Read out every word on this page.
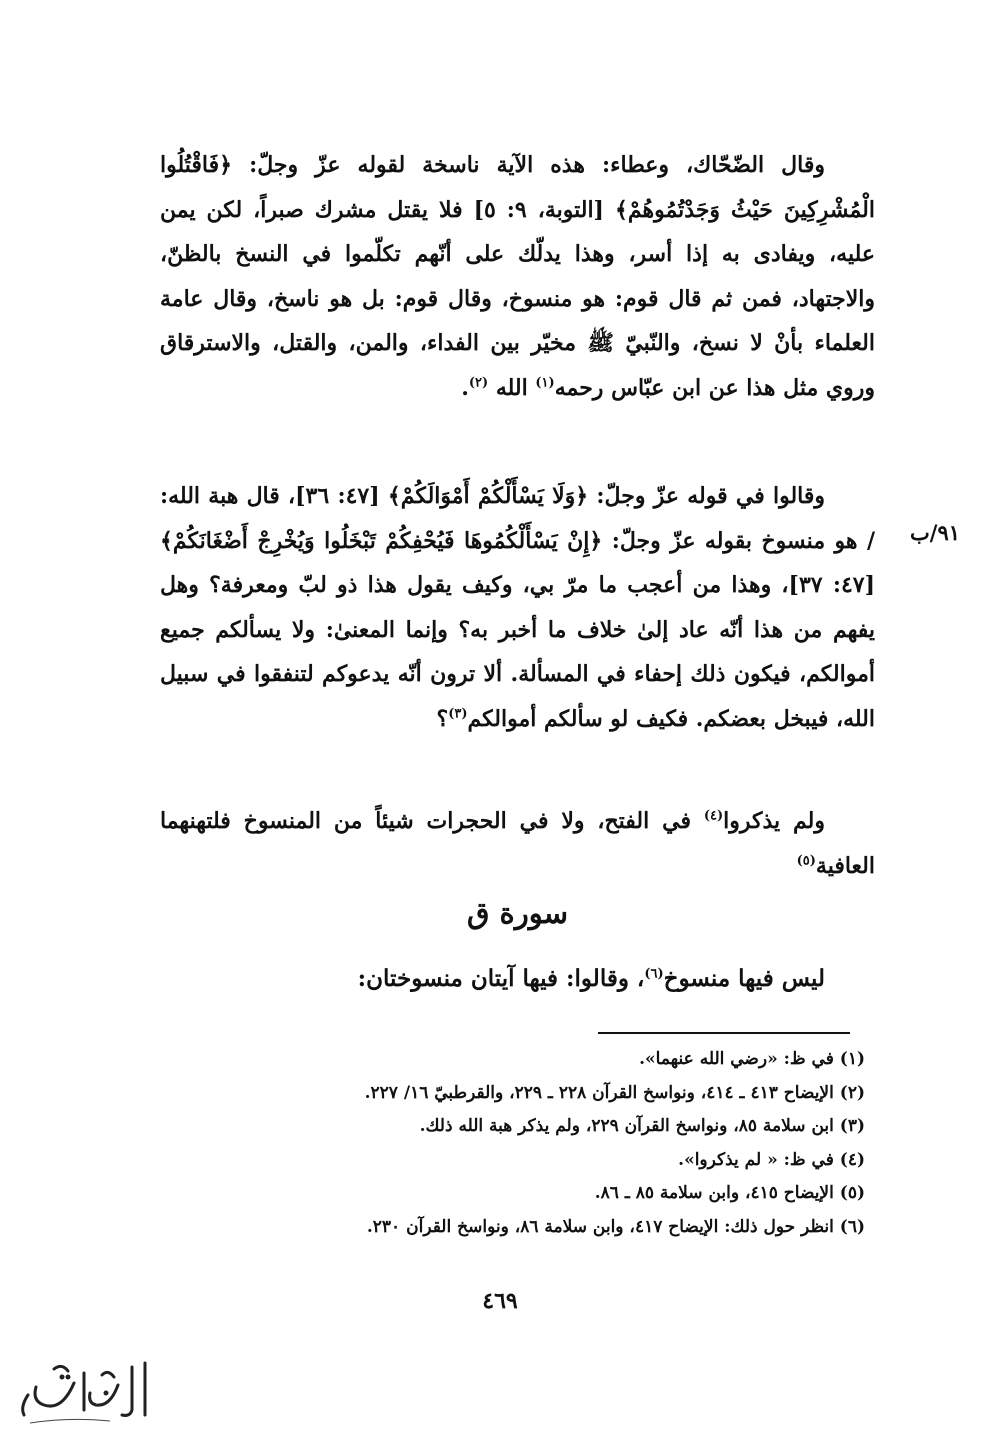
وقال الضّحّاك، وعطاء: هذه الآية ناسخة لقوله عزّ وجلّ: ﴿فَاقْتُلُوا الْمُشْرِكِينَ حَيْثُ وَجَدْتُمُوهُمْ﴾ [التوبة، ٩: ٥] فلا يقتل مشرك صبراً، لكن يمن عليه، ويفادى به إذا أسر، وهذا يدلّك على أنّهم تكلّموا في النسخ بالظنّ، والاجتهاد، فمن ثم قال قوم: هو منسوخ، وقال قوم: بل هو ناسخ، وقال عامة العلماء بأنْ لا نسخ، والنّبيّ ﷺ مخيّر بين الفداء، والمن، والقتل، والاسترقاق وروي مثل هذا عن ابن عبّاس رحمه$^{(١)}$ الله $^{(٢)}$.

٩١/ب

وقالوا في قوله عزّ وجلّ: ﴿وَلَا يَسْأَلْكُمْ أَمْوَالَكُمْ﴾ [٤٧: ٣٦]، قال هبة الله: / هو منسوخ بقوله عزّ وجلّ: ﴿إِنْ يَسْأَلْكُمُوهَا فَيُحْفِكُمْ تَبْخَلُوا وَيُخْرِجْ أَضْغَانَكُمْ﴾ [٤٧: ٣٧]، وهذا من أعجب ما مرّ بي، وكيف يقول هذا ذو لبّ ومعرفة؟ وهل يفهم من هذا أنّه عاد إلىٰ خلاف ما أخبر به؟ وإنما المعنىٰ: ولا يسألكم جميع أموالكم، فيكون ذلك إحفاء في المسألة. ألا ترون أنّه يدعوكم لتنفقوا في سبيل الله، فيبخل بعضكم. فكيف لو سألكم أموالكم$^{(٣)}$؟

ولم يذكروا$^{(٤)}$ في الفتح، ولا في الحجرات شيئاً من المنسوخ فلتهنهما العافية$^{(٥)}$

سورة ق
ليس فيها منسوخ$^{(٦)}$، وقالوا: فيها آيتان منسوختان:
(١) في ظ: «رضي الله عنهما».
(٢) الإيضاح ٤١٣ ـ ٤١٤، ونواسخ القرآن ٢٢٨ ـ ٢٢٩، والقرطبيّ ١٦/ ٢٢٧.
(٣) ابن سلامة ٨٥، ونواسخ القرآن ٢٢٩، ولم يذكر هبة الله ذلك.
(٤) في ظ: « لم يذكروا».
(٥) الإيضاح ٤١٥، وابن سلامة ٨٥ ـ ٨٦.
(٦) انظر حول ذلك: الإيضاح ٤١٧، وابن سلامة ٨٦، ونواسخ القرآن ٢٣٠.
٤٦٩
